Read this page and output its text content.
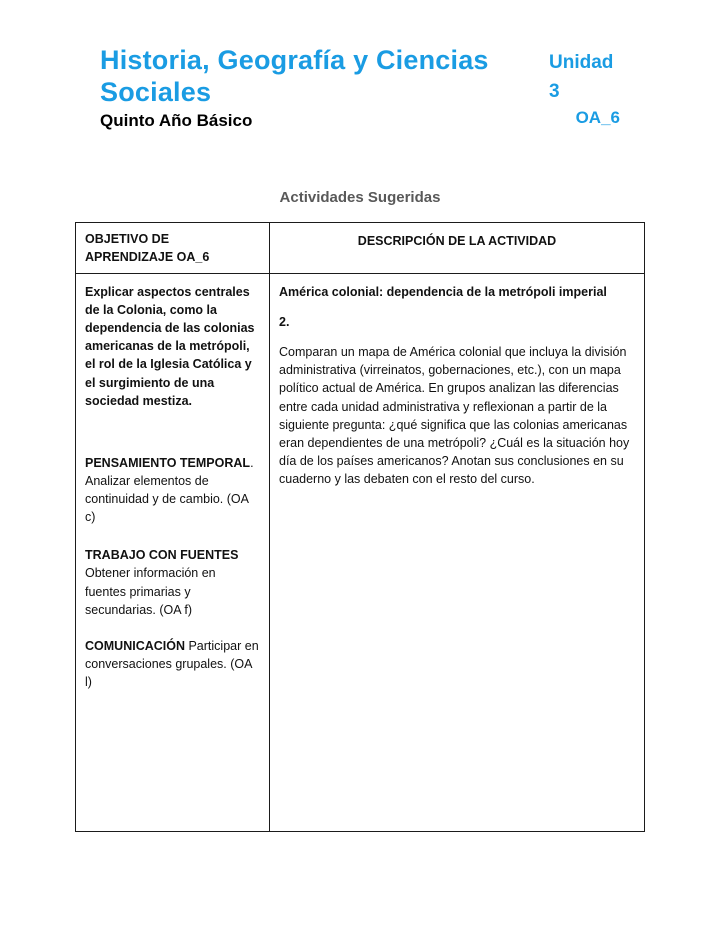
Historia, Geografía y Ciencias Sociales
Quinto Año Básico
Unidad 3
OA_6
Actividades Sugeridas
OBJETIVO DE APRENDIZAJE OA_6
DESCRIPCIÓN DE LA ACTIVIDAD

Explicar aspectos centrales de la Colonia, como la dependencia de las colonias americanas de la metrópoli, el rol de la Iglesia Católica y el surgimiento de una sociedad mestiza.

PENSAMIENTO TEMPORAL. Analizar elementos de continuidad y de cambio. (OA c)

TRABAJO CON FUENTES Obtener información en fuentes primarias y secundarias. (OA f)

COMUNICACIÓN Participar en conversaciones grupales. (OA l)

América colonial: dependencia de la metrópoli imperial

2.

Comparan un mapa de América colonial que incluya la división administrativa (virreinatos, gobernaciones, etc.), con un mapa político actual de América. En grupos analizan las diferencias entre cada unidad administrativa y reflexionan a partir de la siguiente pregunta: ¿qué significa que las colonias americanas eran dependientes de una metrópoli? ¿Cuál es la situación hoy día de los países americanos? Anotan sus conclusiones en su cuaderno y las debaten con el resto del curso.
